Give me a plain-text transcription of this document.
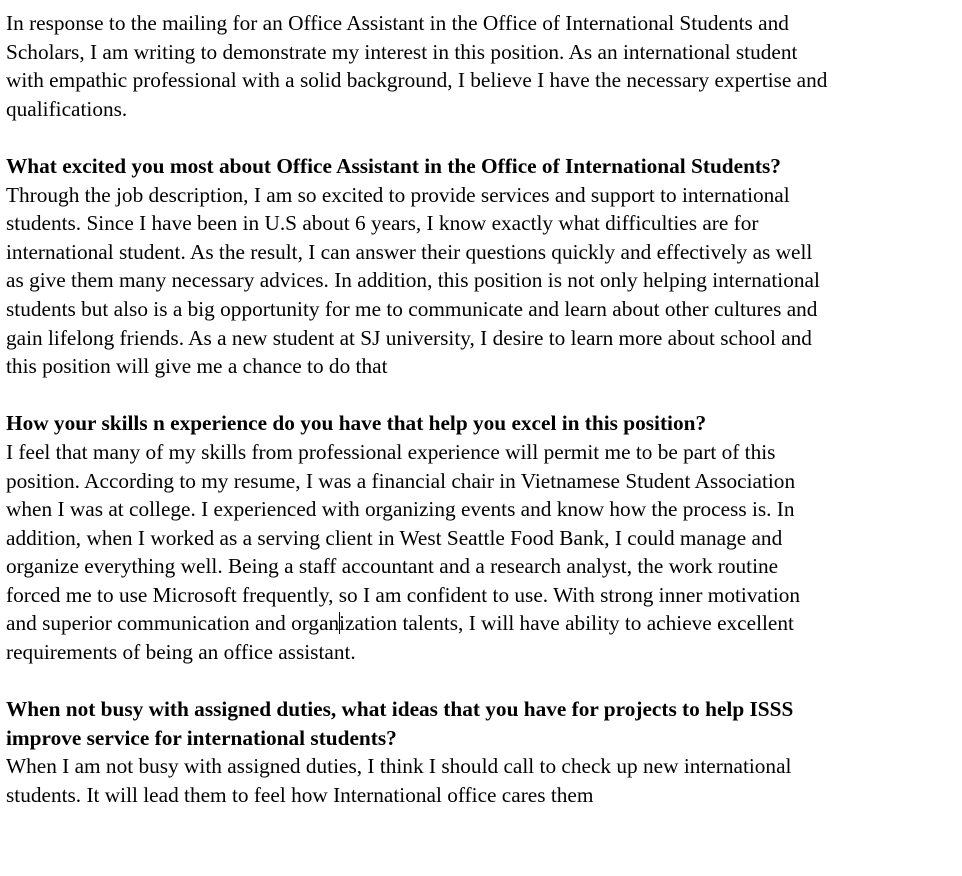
In response to the mailing for an Office Assistant in the Office of International Students and
Scholars, I am writing to demonstrate my interest in this position. As an international student
with empathic professional with a solid background, I believe I have the necessary expertise and
qualifications.
What excited you most about Office Assistant in the Office of International Students?
Through the job description, I am so excited to provide services and support to international
students. Since I have been in U.S about 6 years, I know exactly what difficulties are for
international student. As the result, I can answer their questions quickly and effectively as well
as give them many necessary advices. In addition, this position is not only helping international
students but also is a big opportunity for me to communicate and learn about other cultures and
gain lifelong friends. As a new student at SJ university, I desire to learn more about school and
this position will give me a chance to do that
How your skills n experience do you have that help you excel in this position?
I feel that many of my skills from professional experience will permit me to be part of this
position. According to my resume, I was a financial chair in Vietnamese Student Association
when I was at college. I experienced with organizing events and know how the process is. In
addition, when I worked as a serving client in West Seattle Food Bank, I could manage and
organize everything well. Being a staff accountant and a research analyst, the work routine
forced me to use Microsoft frequently, so I am confident to use. With strong inner motivation
and superior communication and organization talents, I will have ability to achieve excellent
requirements of being an office assistant.
When not busy with assigned duties, what ideas that you have for projects to help ISSS
improve service for international students?
When I am not busy with assigned duties, I think I should call to check up new international
students. It will lead them to feel how International office cares them
